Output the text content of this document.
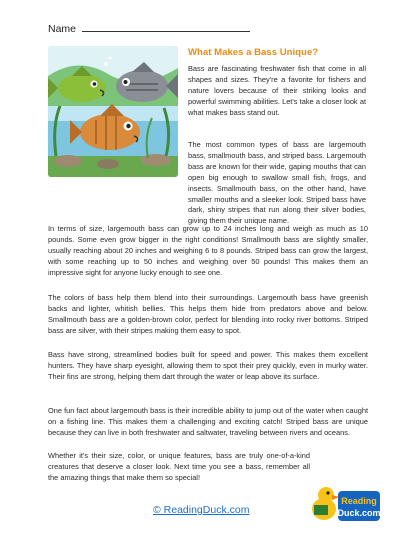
Name
What Makes a Bass Unique?

Bass are fascinating freshwater fish that come in all shapes and sizes. They're a favorite for fishers and nature lovers because of their striking looks and powerful swimming abilities. Let's take a closer look at what makes bass stand out.

The most common types of bass are largemouth bass, smallmouth bass, and striped bass. Largemouth bass are known for their wide, gaping mouths that can open big enough to swallow small fish, frogs, and insects. Smallmouth bass, on the other hand, have smaller mouths and a sleeker look. Striped bass have dark, shiny stripes that run along their silver bodies, giving them their unique name.

In terms of size, largemouth bass can grow up to 24 inches long and weigh as much as 10 pounds. Some even grow bigger in the right conditions! Smallmouth bass are slightly smaller, usually reaching about 20 inches and weighing 6 to 8 pounds. Striped bass can grow the largest, with some reaching up to 50 inches and weighing over 50 pounds! This makes them an impressive sight for anyone lucky enough to see one.

The colors of bass help them blend into their surroundings. Largemouth bass have greenish backs and lighter, whitish bellies. This helps them hide from predators above and below. Smallmouth bass are a golden-brown color, perfect for blending into rocky river bottoms. Striped bass are silver, with their stripes making them easy to spot.

Bass have strong, streamlined bodies built for speed and power. This makes them excellent hunters. They have sharp eyesight, allowing them to spot their prey quickly, even in murky water. Their fins are strong, helping them dart through the water or leap above its surface.

One fun fact about largemouth bass is their incredible ability to jump out of the water when caught on a fishing line. This makes them a challenging and exciting catch! Striped bass are unique because they can live in both freshwater and saltwater, traveling between rivers and oceans.

Whether it's their size, color, or unique features, bass are truly one-of-a-kind creatures that deserve a closer look. Next time you see a bass, remember all the amazing things that make them so special!

© ReadingDuck.com
Reading
Duck.com
